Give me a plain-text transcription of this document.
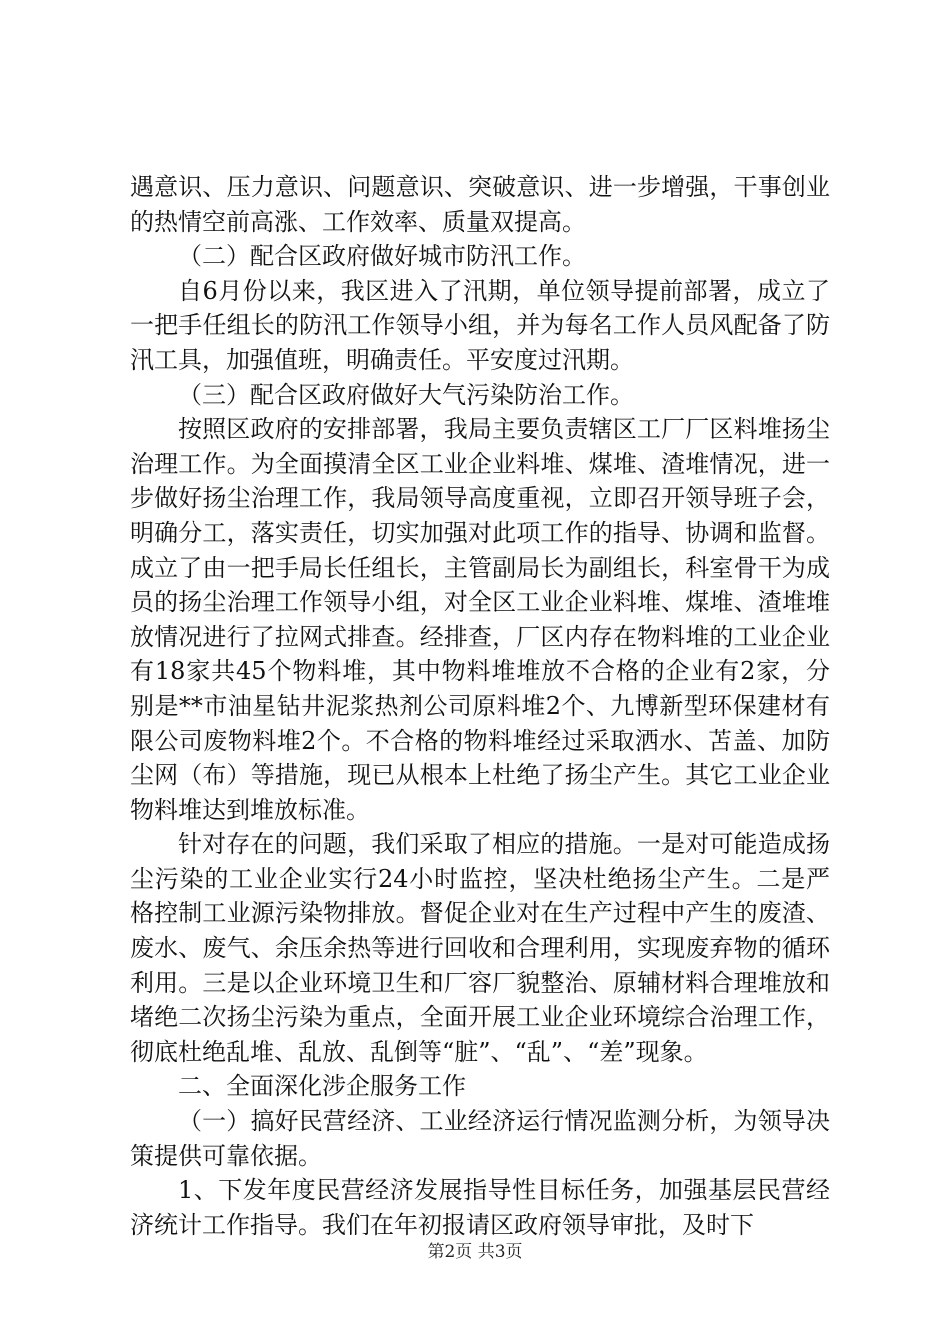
遇意识、压力意识、问题意识、突破意识、进一步增强，干事创业的热情空前高涨、工作效率、质量双提高。

（二）配合区政府做好城市防汛工作。

自6月份以来，我区进入了汛期，单位领导提前部署，成立了一把手任组长的防汛工作领导小组，并为每名工作人员风配备了防汛工具，加强值班，明确责任。平安度过汛期。

（三）配合区政府做好大气污染防治工作。

按照区政府的安排部署，我局主要负责辖区工厂厂区料堆扬尘治理工作。为全面摸清全区工业企业料堆、煤堆、渣堆情况，进一步做好扬尘治理工作，我局领导高度重视，立即召开领导班子会，明确分工，落实责任，切实加强对此项工作的指导、协调和监督。成立了由一把手局长任组长，主管副局长为副组长，科室骨干为成员的扬尘治理工作领导小组，对全区工业企业料堆、煤堆、渣堆堆放情况进行了拉网式排查。经排查，厂区内存在物料堆的工业企业有18家共45个物料堆，其中物料堆堆放不合格的企业有2家，分别是**市油星钻井泥浆热剂公司原料堆2个、九博新型环保建材有限公司废物料堆2个。不合格的物料堆经过采取洒水、苫盖、加防尘网（布）等措施，现已从根本上杜绝了扬尘产生。其它工业企业物料堆达到堆放标准。

针对存在的问题，我们采取了相应的措施。一是对可能造成扬尘污染的工业企业实行24小时监控，坚决杜绝扬尘产生。二是严格控制工业源污染物排放。督促企业对在生产过程中产生的废渣、废水、废气、余压余热等进行回收和合理利用，实现废弃物的循环利用。三是以企业环境卫生和厂容厂貌整治、原辅材料合理堆放和堵绝二次扬尘污染为重点，全面开展工业企业环境综合治理工作，彻底杜绝乱堆、乱放、乱倒等“脏”、“乱”、“差”现象。

二、全面深化涉企服务工作

（一）搞好民营经济、工业经济运行情况监测分析，为领导决策提供可靠依据。

1、下发年度民营经济发展指导性目标任务，加强基层民营经济统计工作指导。我们在年初报请区政府领导审批，及时下

第2页 共3页
